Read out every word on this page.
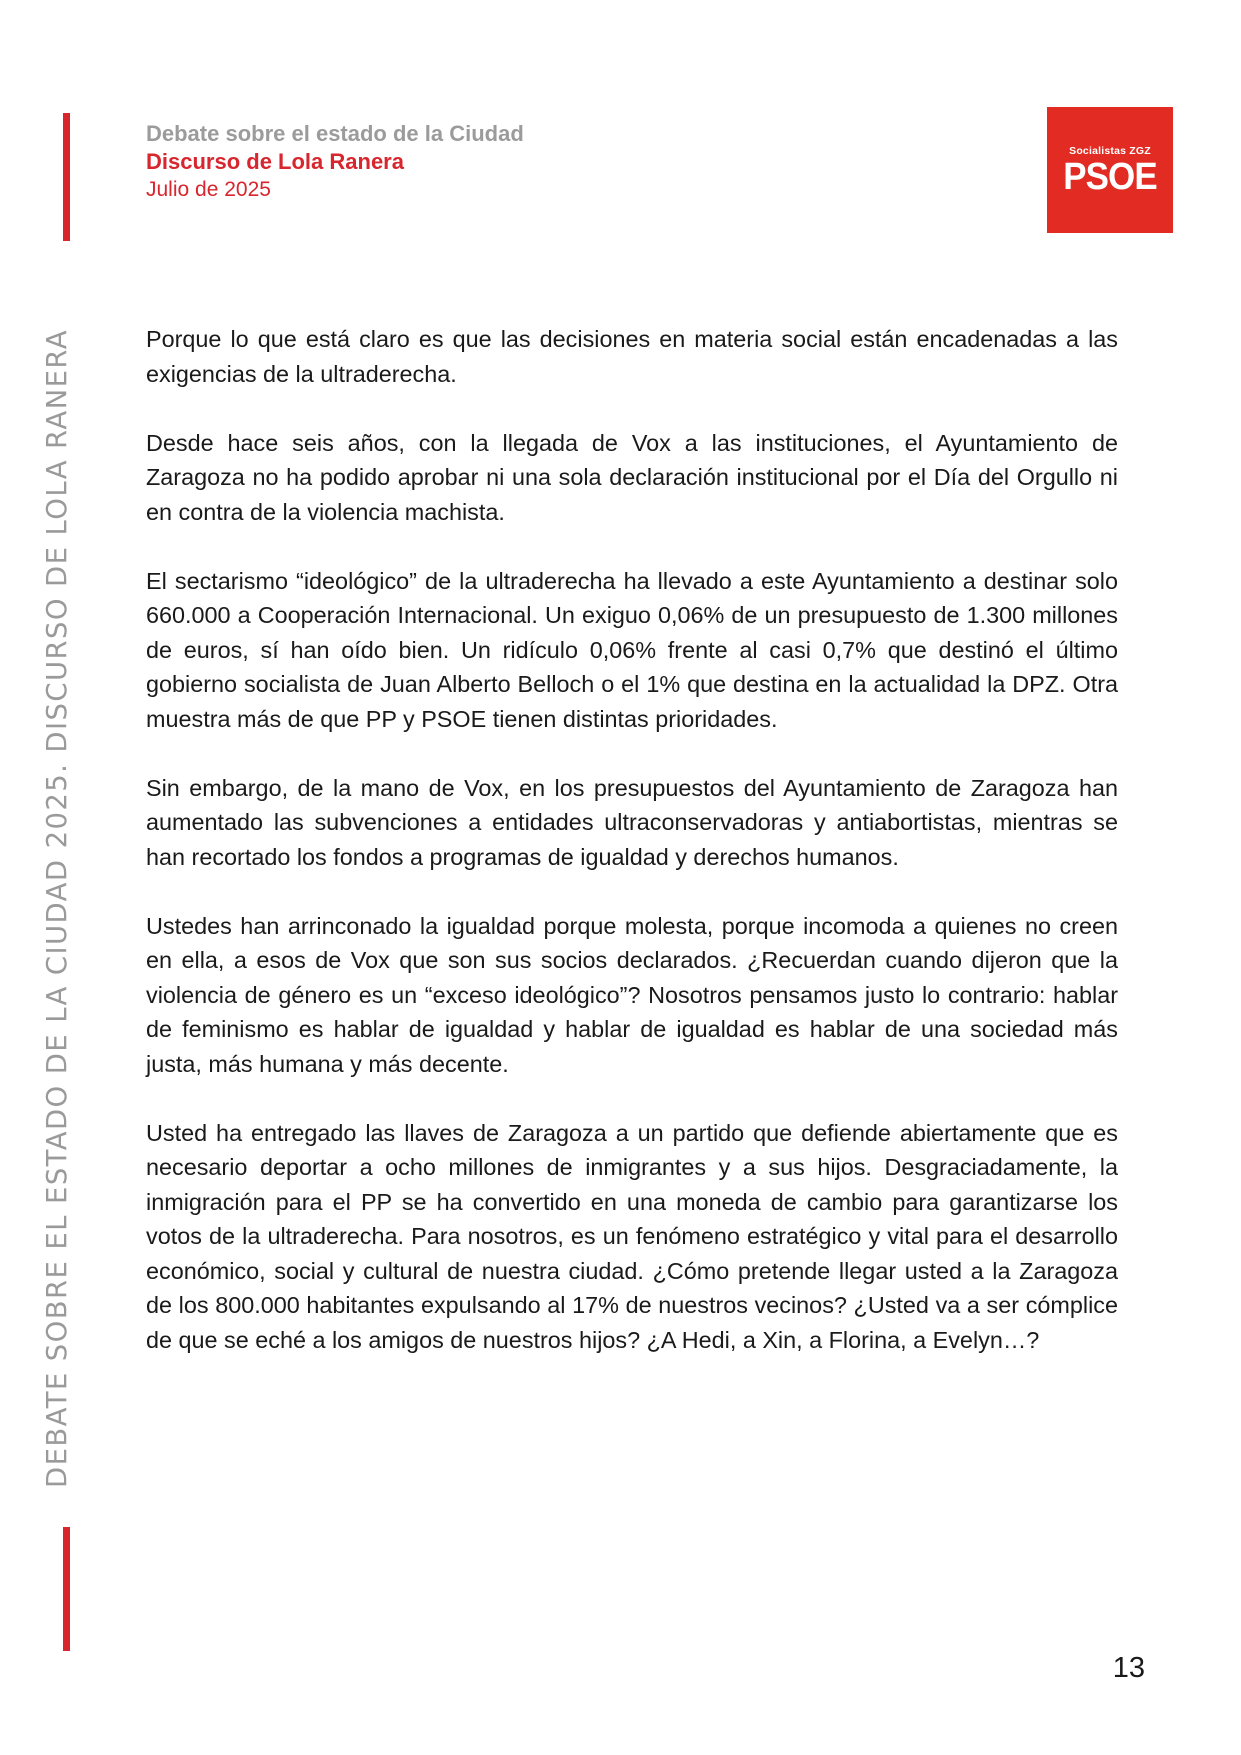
DEBATE SOBRE EL ESTADO DE LA CIUDAD 2025. DISCURSO DE LOLA RANERA
Debate sobre el estado de la Ciudad
Discurso de Lola Ranera
Julio de 2025
Socialistas ZGZ
PSOE

Porque lo que está claro es que las decisiones en materia social están encadenadas a las exigencias de la ultraderecha.

Desde hace seis años, con la llegada de Vox a las instituciones, el Ayuntamiento de Zaragoza no ha podido aprobar ni una sola declaración institucional por el Día del Orgullo ni en contra de la violencia machista.

El sectarismo “ideológico” de la ultraderecha ha llevado a este Ayuntamiento a destinar solo 660.000 a Cooperación Internacional. Un exiguo 0,06% de un presupuesto de 1.300 millones de euros, sí han oído bien. Un ridículo 0,06% frente al casi 0,7% que destinó el último gobierno socialista de Juan Alberto Belloch o el 1% que destina en la actualidad la DPZ. Otra muestra más de que PP y PSOE tienen distintas prioridades.

Sin embargo, de la mano de Vox, en los presupuestos del Ayuntamiento de Zaragoza han aumentado las subvenciones a entidades ultraconservadoras y antiabortistas, mientras se han recortado los fondos a programas de igualdad y derechos humanos.

Ustedes han arrinconado la igualdad porque molesta, porque incomoda a quienes no creen en ella, a esos de Vox que son sus socios declarados. ¿Recuerdan cuando dijeron que la violencia de género es un “exceso ideológico”? Nosotros pensamos justo lo contrario: hablar de feminismo es hablar de igualdad y hablar de igualdad es hablar de una sociedad más justa, más humana y más decente.

Usted ha entregado las llaves de Zaragoza a un partido que defiende abiertamente que es necesario deportar a ocho millones de inmigrantes y a sus hijos. Desgraciadamente, la inmigración para el PP se ha convertido en una moneda de cambio para garantizarse los votos de la ultraderecha. Para nosotros, es un fenómeno estratégico y vital para el desarrollo económico, social y cultural de nuestra ciudad. ¿Cómo pretende llegar usted a la Zaragoza de los 800.000 habitantes expulsando al 17% de nuestros vecinos? ¿Usted va a ser cómplice de que se eché a los amigos de nuestros hijos? ¿A Hedi, a Xin, a Florina, a Evelyn…?

13
